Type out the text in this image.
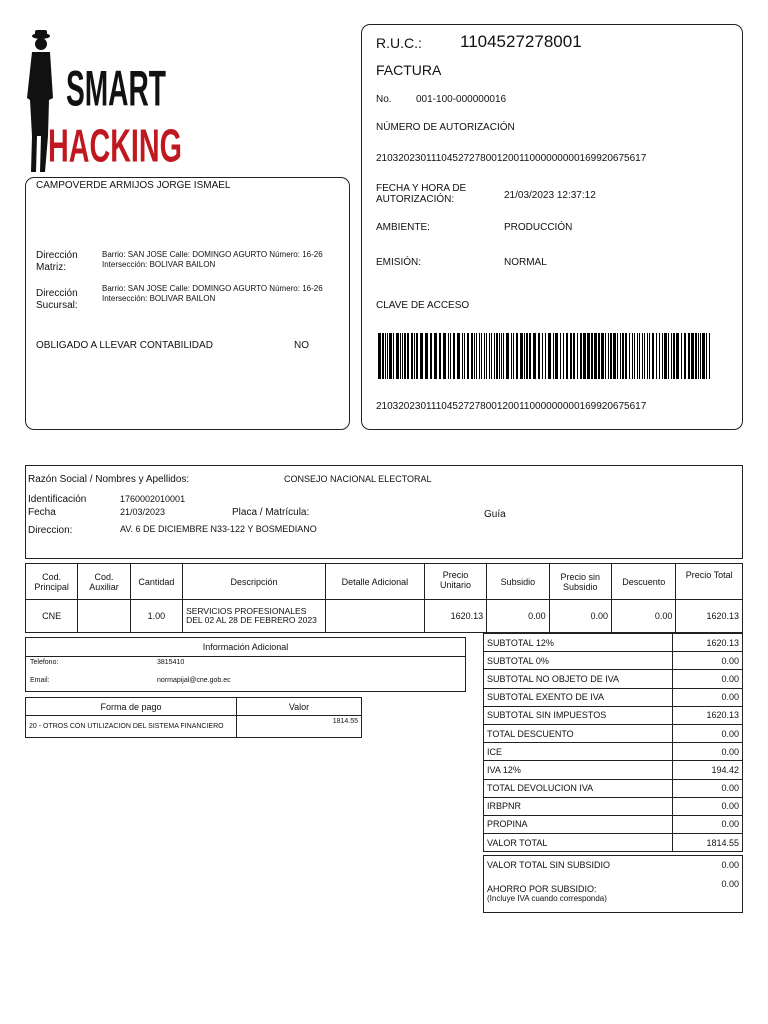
SMART
HACKING
CAMPOVERDE ARMIJOS JORGE ISMAEL
Dirección Matriz:
Barrio: SAN JOSE Calle: DOMINGO AGURTO Número: 16-26 Intersección: BOLIVAR BAILON
Dirección Sucursal:
Barrio: SAN JOSE Calle: DOMINGO AGURTO Número: 16-26 Intersección: BOLIVAR BAILON
OBLIGADO A LLEVAR CONTABILIDAD	NO
R.U.C.: 1104527278001
FACTURA
No. 001-100-000000016
NÚMERO DE AUTORIZACIÓN
2103202301110452727800120011000000000169920675617
FECHA Y HORA DE AUTORIZACIÓN:	21/03/2023 12:37:12
AMBIENTE:	PRODUCCIÓN
EMISIÓN:	NORMAL
CLAVE DE ACCESO
2103202301110452727800120011000000000169920675617
Razón Social / Nombres y Apellidos:	CONSEJO NACIONAL ELECTORAL
Identificación	1760002010001
Fecha	21/03/2023	Placa / Matrícula:	Guía
Direccion:	AV. 6 DE DICIEMBRE N33-122 Y BOSMEDIANO
Cod. Principal	Cod. Auxiliar	Cantidad	Descripción	Detalle Adicional	Precio Unitario	Subsidio	Precio sin Subsidio	Descuento	Precio Total
CNE		1.00	SERVICIOS PROFESIONALES DEL 02 AL 28 DE FEBRERO 2023		1620.13	0.00	0.00	0.00	1620.13
Información Adicional
Telefono:	3815410
Email:	normapijal@cne.gob.ec
Forma de pago	Valor
20 - OTROS CON UTILIZACION DEL SISTEMA FINANCIERO	1814.55
SUBTOTAL 12%	1620.13
SUBTOTAL 0%	0.00
SUBTOTAL NO OBJETO DE IVA	0.00
SUBTOTAL EXENTO DE IVA	0.00
SUBTOTAL SIN IMPUESTOS	1620.13
TOTAL DESCUENTO	0.00
ICE	0.00
IVA 12%	194.42
TOTAL DEVOLUCION IVA	0.00
IRBPNR	0.00
PROPINA	0.00
VALOR TOTAL	1814.55
VALOR TOTAL SIN SUBSIDIO	0.00
AHORRO POR SUBSIDIO:
(Incluye IVA cuando corresponda)
0.00
